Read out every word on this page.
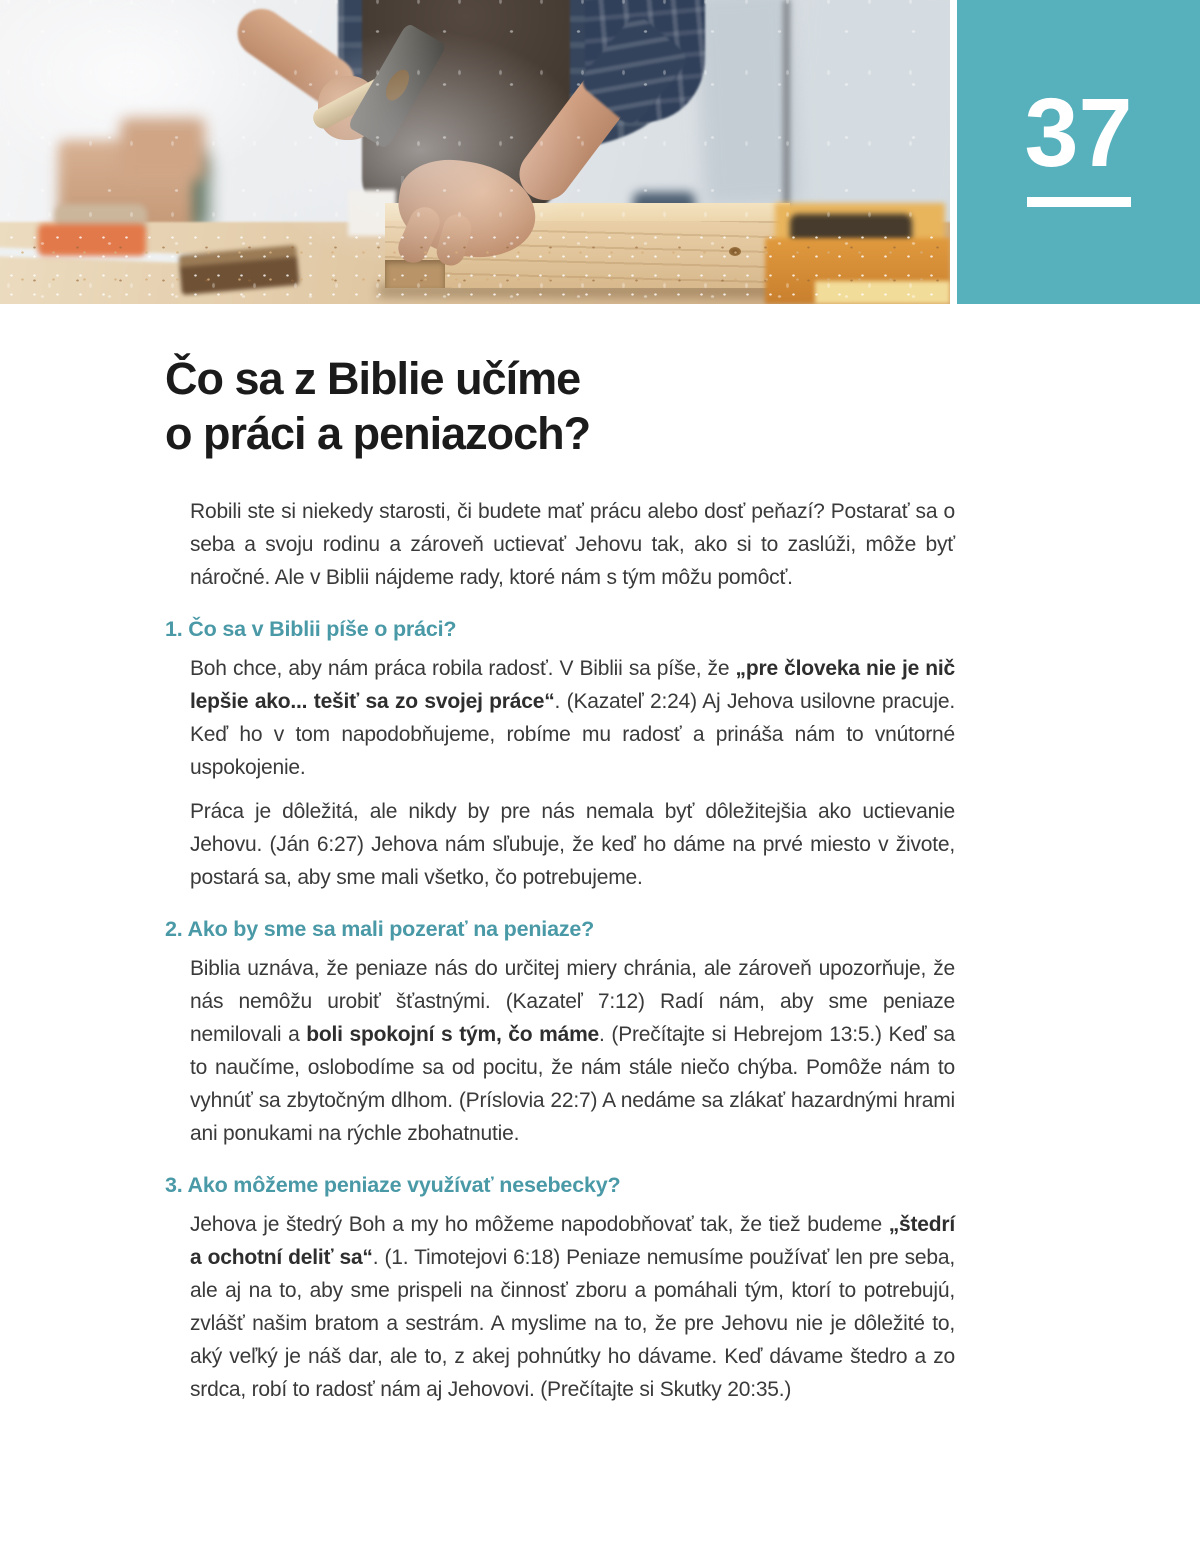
37
Čo sa z Biblie učíme
o práci a peniazoch?

Robili ste si niekedy starosti, či budete mať prácu alebo dosť peňazí? Postarať sa o seba a svoju rodinu a zároveň uctievať Jehovu tak, ako si to zaslúži, môže byť náročné. Ale v Biblii nájdeme rady, ktoré nám s tým môžu pomôcť.

1. Čo sa v Biblii píše o práci?

Boh chce, aby nám práca robila radosť. V Biblii sa píše, že „pre človeka nie je nič lepšie ako... tešiť sa zo svojej práce“. (Kazateľ 2:24) Aj Jehova usilovne pracuje. Keď ho v tom napodobňujeme, robíme mu radosť a prináša nám to vnútorné uspokojenie.

Práca je dôležitá, ale nikdy by pre nás nemala byť dôležitejšia ako uctievanie Jehovu. (Ján 6:27) Jehova nám sľubuje, že keď ho dáme na prvé miesto v živote, postará sa, aby sme mali všetko, čo potrebujeme.

2. Ako by sme sa mali pozerať na peniaze?

Biblia uznáva, že peniaze nás do určitej miery chránia, ale zároveň upozorňuje, že nás nemôžu urobiť šťastnými. (Kazateľ 7:12) Radí nám, aby sme peniaze nemilovali a boli spokojní s tým, čo máme. (Prečítajte si Hebrejom 13:5.) Keď sa to naučíme, oslobodíme sa od pocitu, že nám stále niečo chýba. Pomôže nám to vyhnúť sa zbytočným dlhom. (Príslovia 22:7) A nedáme sa zlákať hazardnými hrami ani ponukami na rýchle zbohatnutie.

3. Ako môžeme peniaze využívať nesebecky?

Jehova je štedrý Boh a my ho môžeme napodobňovať tak, že tiež budeme „štedrí a ochotní deliť sa“. (1. Timotejovi 6:18) Peniaze nemusíme používať len pre seba, ale aj na to, aby sme prispeli na činnosť zboru a pomáhali tým, ktorí to potrebujú, zvlášť našim bratom a sestrám. A myslime na to, že pre Jehovu nie je dôležité to, aký veľký je náš dar, ale to, z akej pohnútky ho dávame. Keď dávame štedro a zo srdca, robí to radosť nám aj Jehovovi. (Prečítajte si Skutky 20:35.)
